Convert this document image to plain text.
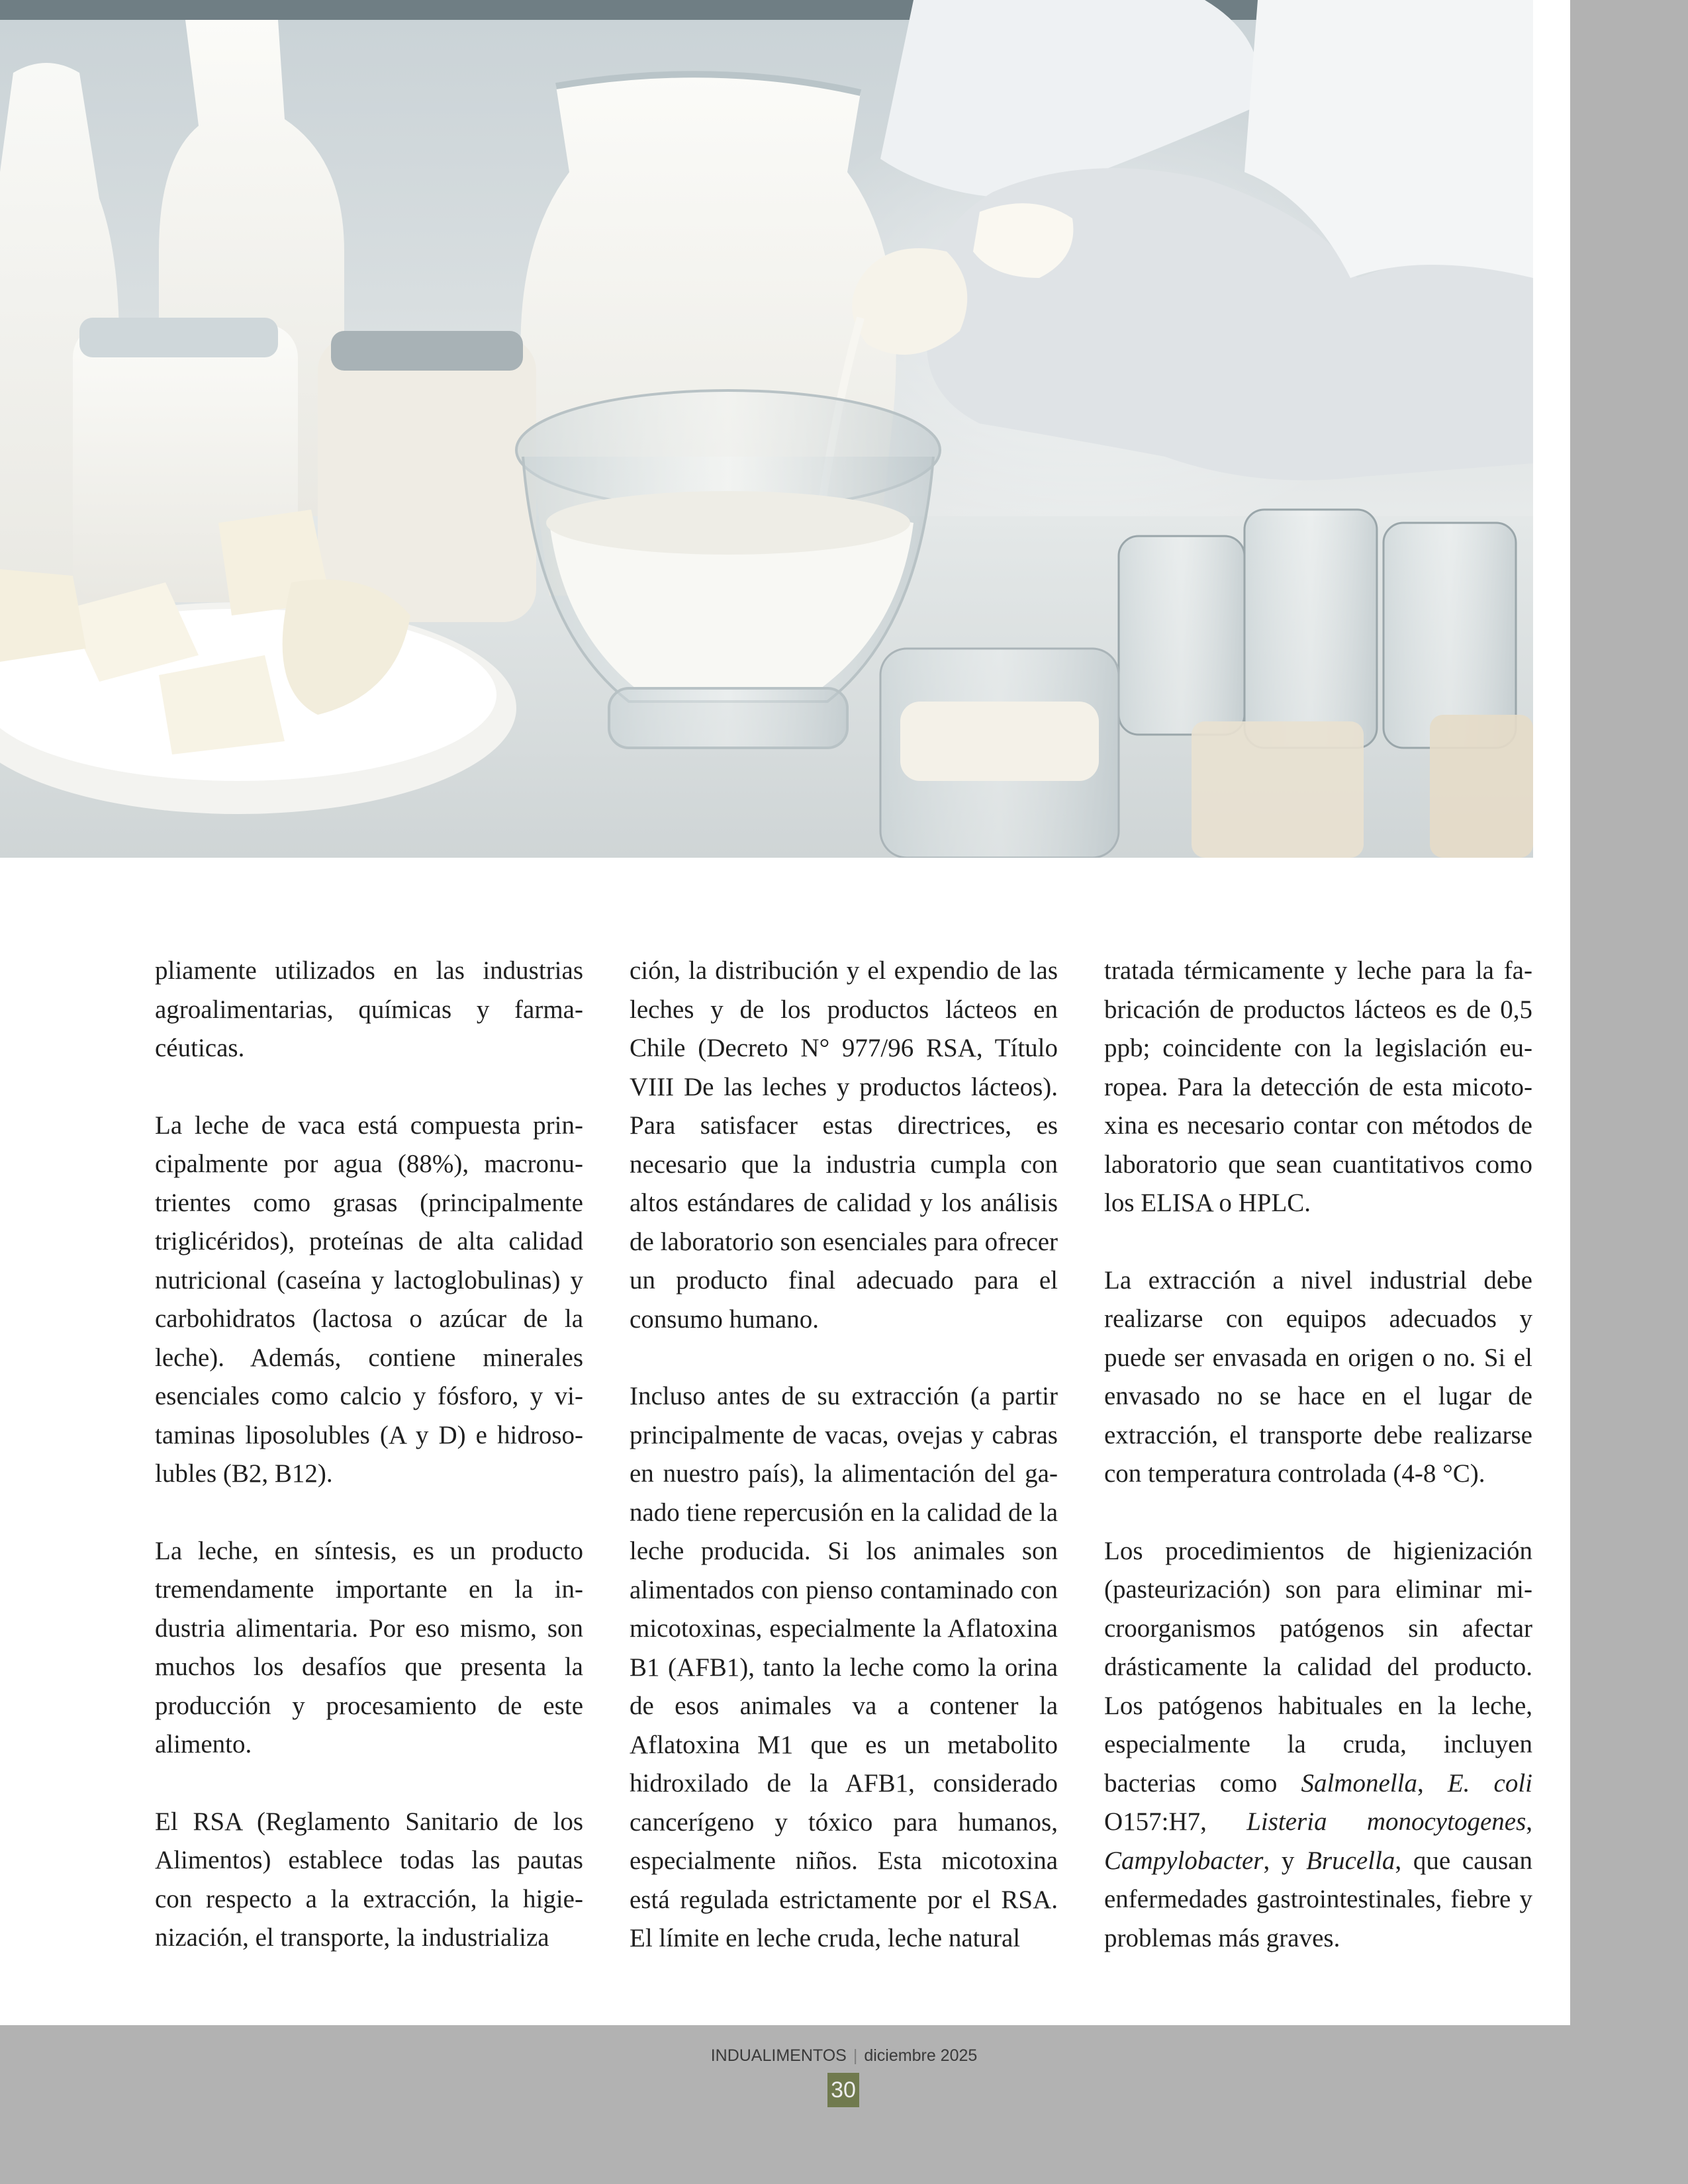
pliamente utilizados en las industrias agroalimentarias, químicas y farmacéuticas.

La leche de vaca está compuesta principalmente por agua (88%), macronutrientes como grasas (principalmente triglicéridos), proteínas de alta calidad nutricional (caseína y lactoglobulinas) y carbohidratos (lactosa o azúcar de la leche). Además, contiene minerales esenciales como calcio y fósforo, y vitaminas liposolubles (A y D) e hidrosolubles (B2, B12).

La leche, en síntesis, es un producto tremendamente importante en la industria alimentaria. Por eso mismo, son muchos los desafíos que presenta la producción y procesamiento de este alimento.

El RSA (Reglamento Sanitario de los Alimentos) establece todas las pautas con respecto a la extracción, la higienización, el transporte, la industrializa

ción, la distribución y el expendio de las leches y de los productos lácteos en Chile (Decreto N° 977/96 RSA, Título VIII De las leches y productos lácteos). Para satisfacer estas directrices, es necesario que la industria cumpla con altos estándares de calidad y los análisis de laboratorio son esenciales para ofrecer un producto final adecuado para el consumo humano.

Incluso antes de su extracción (a partir principalmente de vacas, ovejas y cabras en nuestro país), la alimentación del ganado tiene repercusión en la calidad de la leche producida. Si los animales son alimentados con pienso contaminado con micotoxinas, especialmente la Aflatoxina B1 (AFB1), tanto la leche como la orina de esos animales va a contener la Aflatoxina M1 que es un metabolito hidroxilado de la AFB1, considerado cancerígeno y tóxico para humanos, especialmente niños. Esta micotoxina está regulada estrictamente por el RSA. El límite en leche cruda, leche natural

tratada térmicamente y leche para la fabricación de productos lácteos es de 0,5 ppb; coincidente con la legislación europea. Para la detección de esta micotoxina es necesario contar con métodos de laboratorio que sean cuantitativos como los ELISA o HPLC.

La extracción a nivel industrial debe realizarse con equipos adecuados y puede ser envasada en origen o no. Si el envasado no se hace en el lugar de extracción, el transporte debe realizarse con temperatura controlada (4-8 °C).

Los procedimientos de higienización (pasteurización) son para eliminar microorganismos patógenos sin afectar drásticamente la calidad del producto. Los patógenos habituales en la leche, especialmente la cruda, incluyen bacterias como Salmonella, E. coli O157:H7, Listeria monocytogenes, Campylobacter, y Brucella, que causan enfermedades gastrointestinales, fiebre y problemas más graves.

INDUALIMENTOS | diciembre 2025
30
